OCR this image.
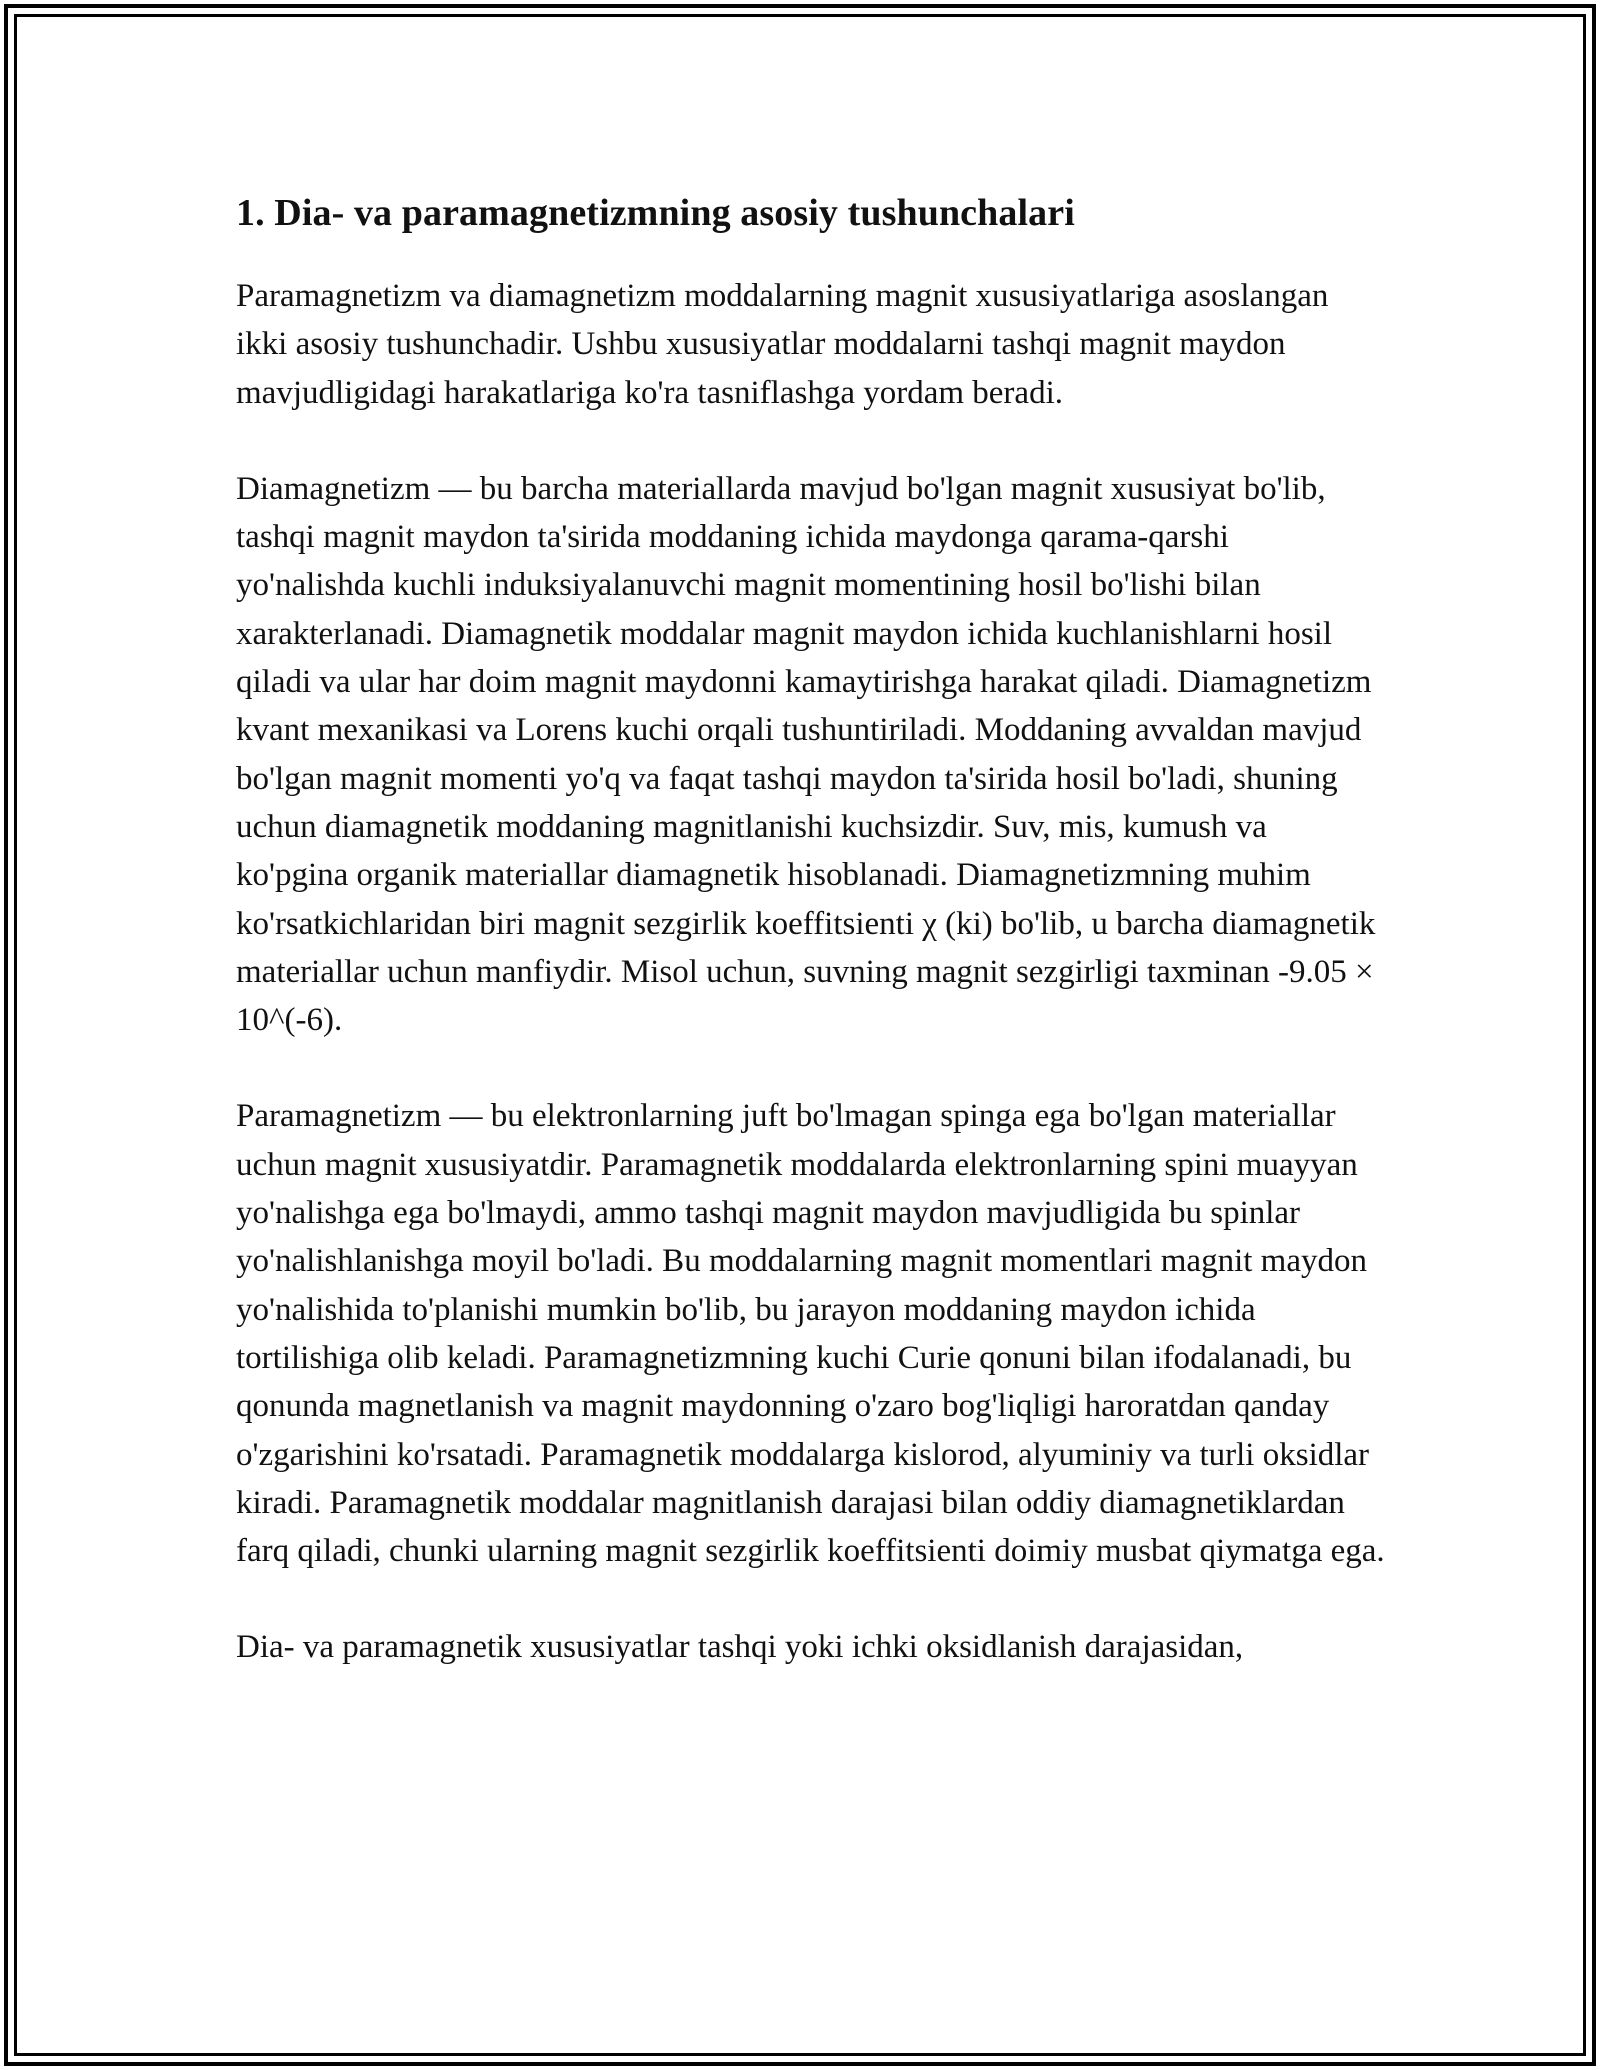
1. Dia- va paramagnetizmning asosiy tushunchalari

Paramagnetizm va diamagnetizm moddalarning magnit xususiyatlariga asoslangan ikki asosiy tushunchadir. Ushbu xususiyatlar moddalarni tashqi magnit maydon mavjudligidagi harakatlariga ko'ra tasniflashga yordam beradi.

Diamagnetizm — bu barcha materiallarda mavjud bo'lgan magnit xususiyat bo'lib, tashqi magnit maydon ta'sirida moddaning ichida maydonga qarama-qarshi yo'nalishda kuchli induksiyalanuvchi magnit momentining hosil bo'lishi bilan xarakterlanadi. Diamagnetik moddalar magnit maydon ichida kuchlanishlarni hosil qiladi va ular har doim magnit maydonni kamaytirishga harakat qiladi. Diamagnetizm kvant mexanikasi va Lorens kuchi orqali tushuntiriladi. Moddaning avvaldan mavjud bo'lgan magnit momenti yo'q va faqat tashqi maydon ta'sirida hosil bo'ladi, shuning uchun diamagnetik moddaning magnitlanishi kuchsizdir. Suv, mis, kumush va ko'pgina organik materiallar diamagnetik hisoblanadi. Diamagnetizmning muhim ko'rsatkichlaridan biri magnit sezgirlik koeffitsienti χ (ki) bo'lib, u barcha diamagnetik materiallar uchun manfiydir. Misol uchun, suvning magnit sezgirligi taxminan -9.05 × 10^(-6).

Paramagnetizm — bu elektronlarning juft bo'lmagan spinga ega bo'lgan materiallar uchun magnit xususiyatdir. Paramagnetik moddalarda elektronlarning spini muayyan yo'nalishga ega bo'lmaydi, ammo tashqi magnit maydon mavjudligida bu spinlar yo'nalishlanishga moyil bo'ladi. Bu moddalarning magnit momentlari magnit maydon yo'nalishida to'planishi mumkin bo'lib, bu jarayon moddaning maydon ichida tortilishiga olib keladi. Paramagnetizmning kuchi Curie qonuni bilan ifodalanadi, bu qonunda magnetlanish va magnit maydonning o'zaro bog'liqligi haroratdan qanday o'zgarishini ko'rsatadi. Paramagnetik moddalarga kislorod, alyuminiy va turli oksidlar kiradi. Paramagnetik moddalar magnitlanish darajasi bilan oddiy diamagnetiklardan farq qiladi, chunki ularning magnit sezgirlik koeffitsienti doimiy musbat qiymatga ega.

Dia- va paramagnetik xususiyatlar tashqi yoki ichki oksidlanish darajasidan,
